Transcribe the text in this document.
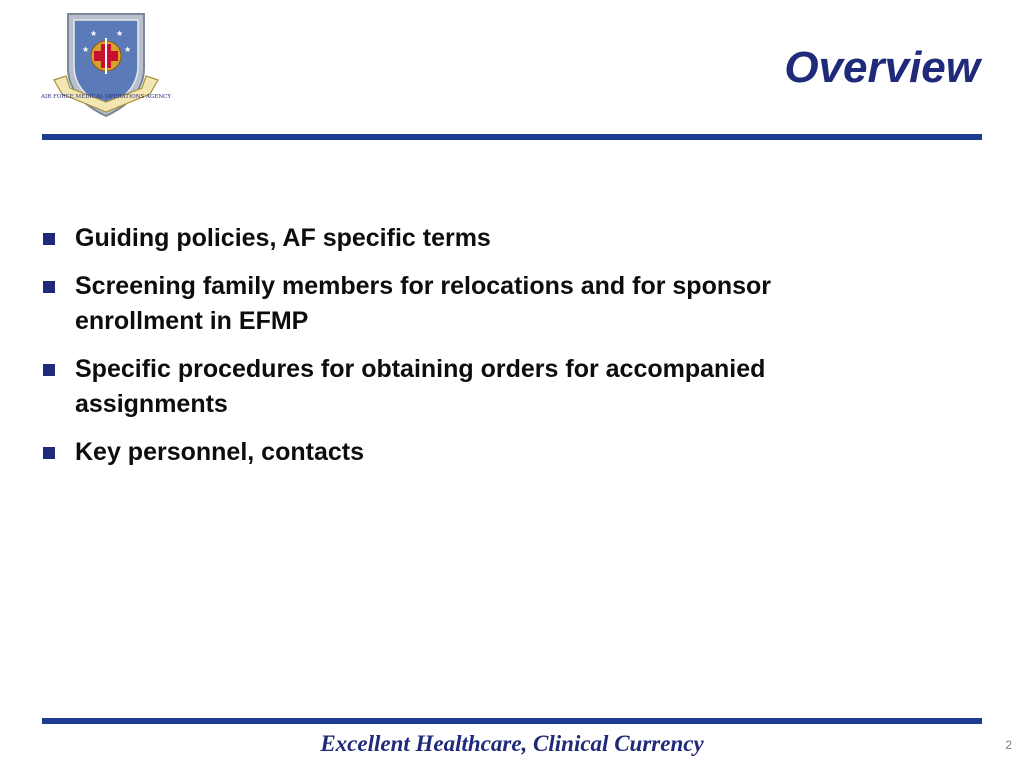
★ ★
★	★
AIR FORCE MEDICAL OPERATIONS AGENCY
Overview
Guiding policies, AF specific terms
Screening family members for relocations and for sponsor enrollment in EFMP
Specific procedures for obtaining orders for accompanied assignments
Key personnel, contacts
Excellent Healthcare, Clinical Currency	2
